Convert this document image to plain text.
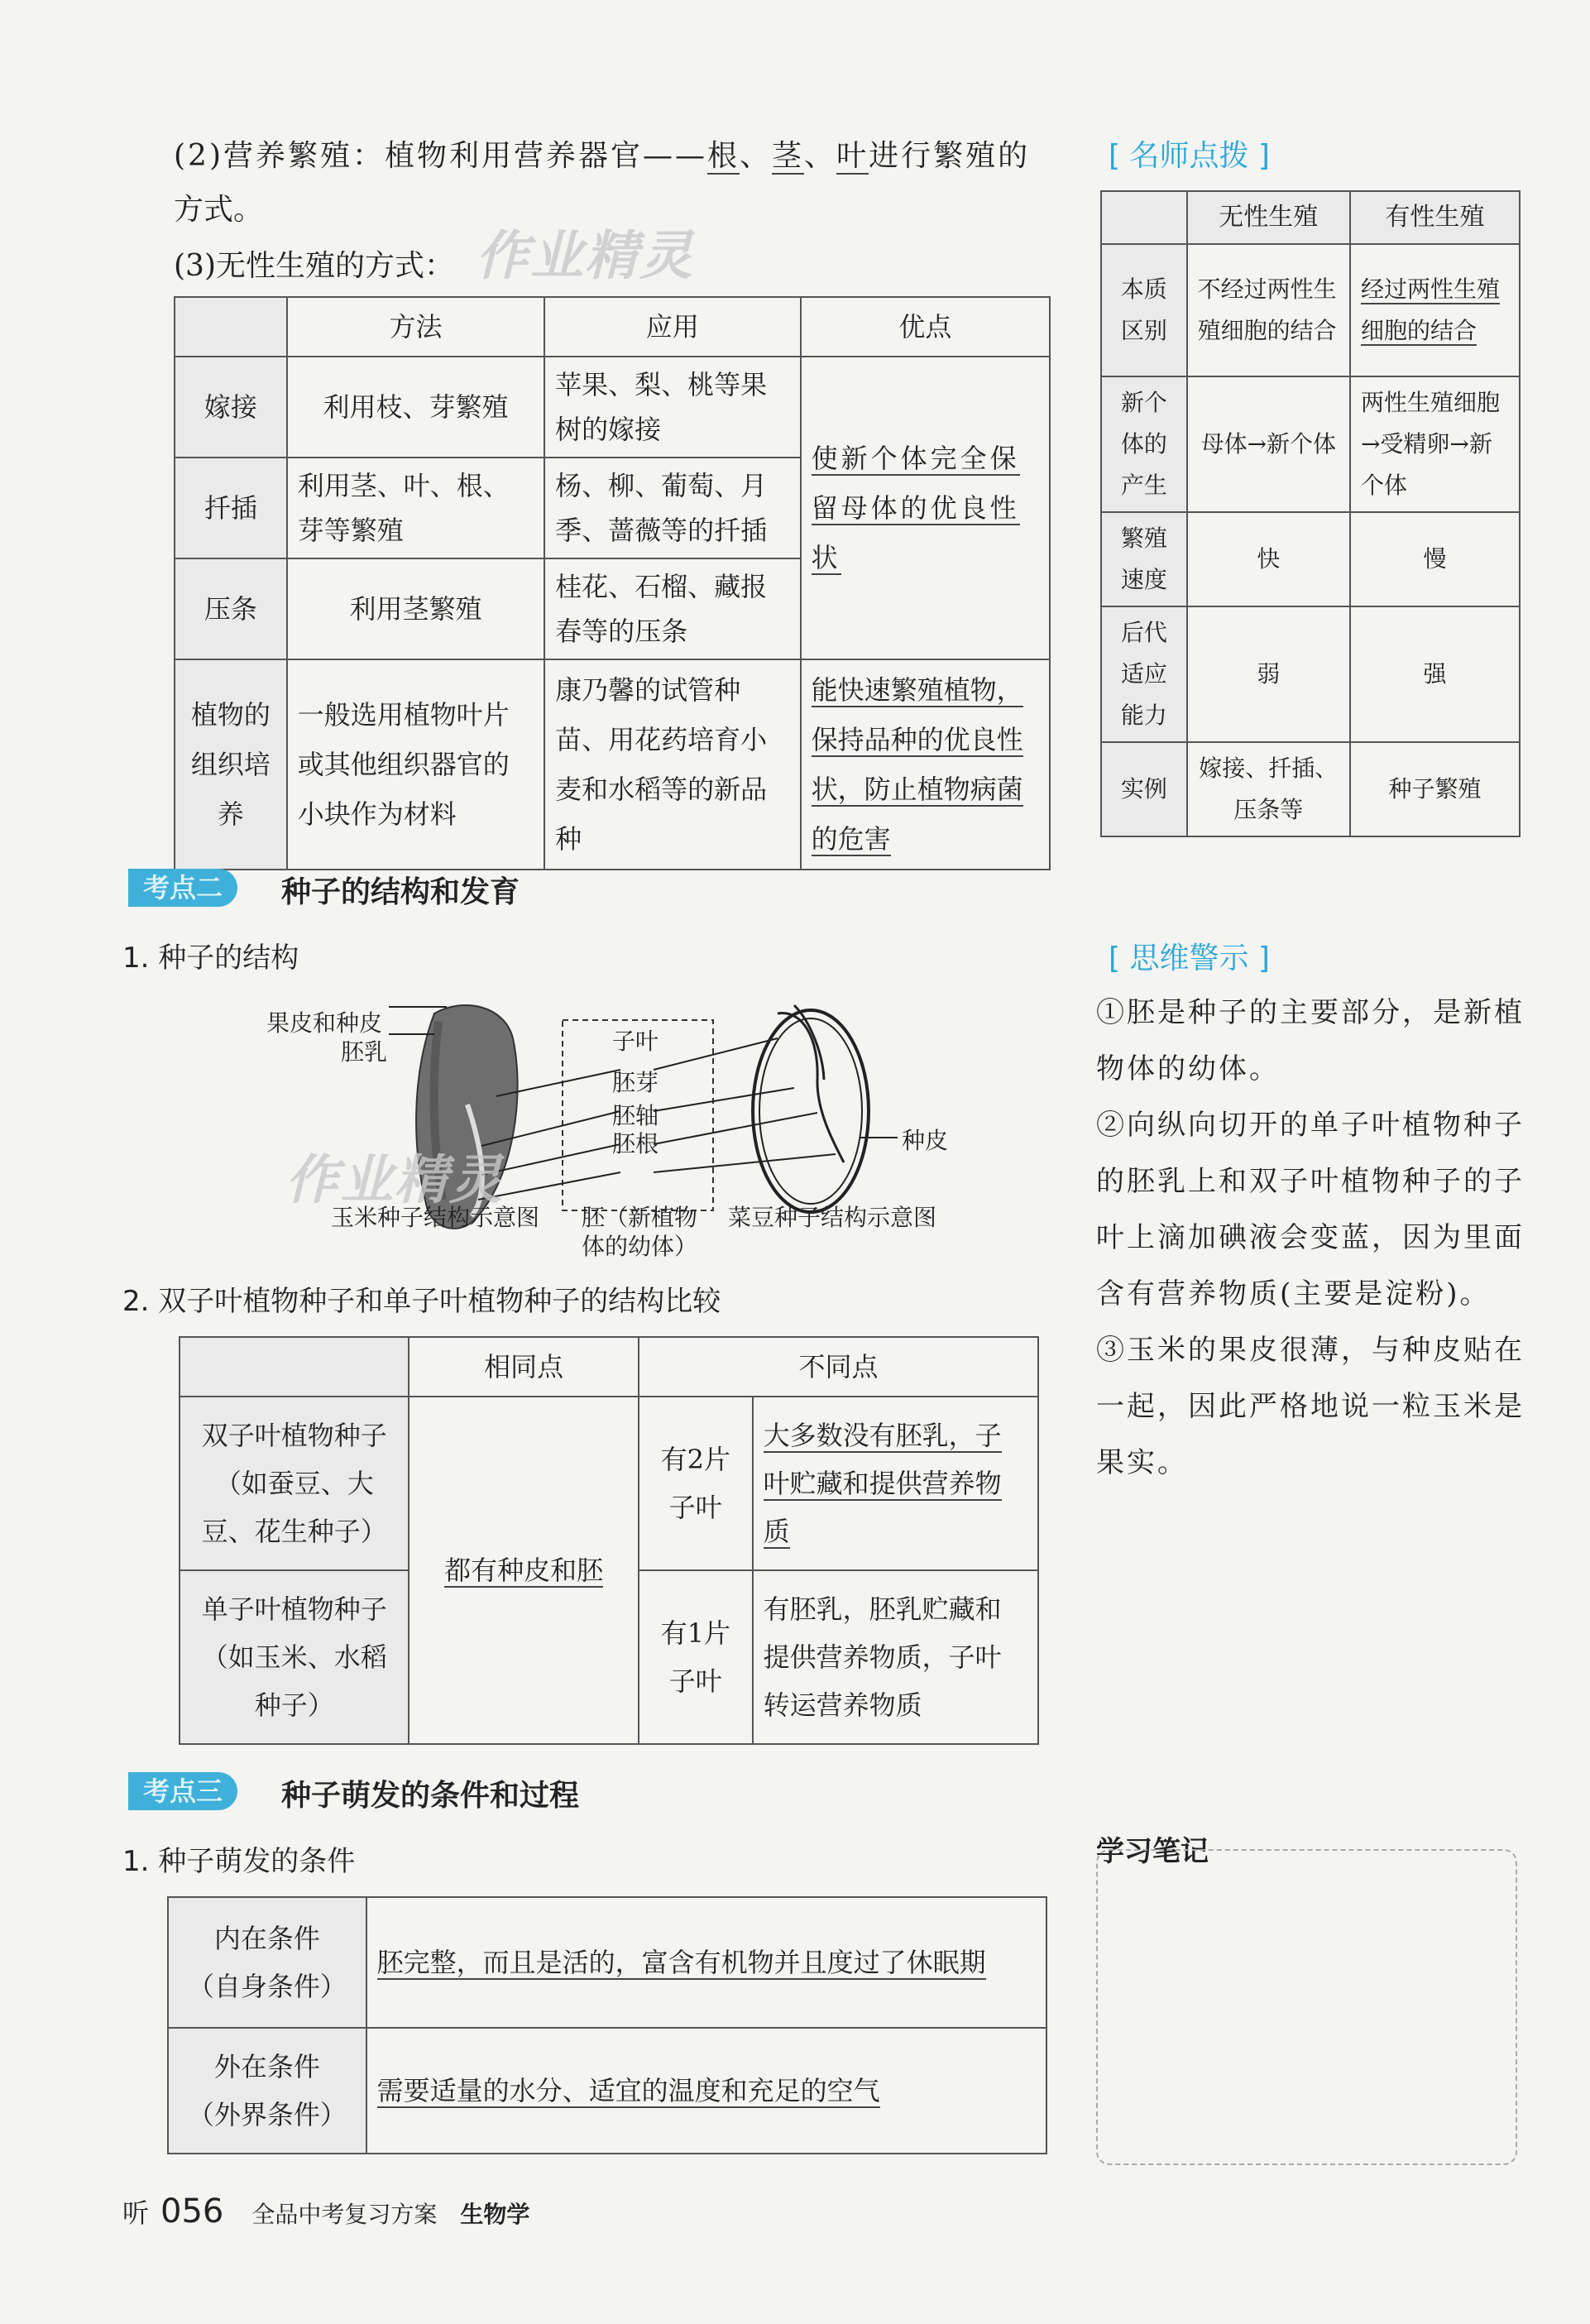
(2)营养繁殖：植物利用营养器官——根、茎、叶进行繁殖的
方式。
(3)无性生殖的方式： 作业精灵
	方法	应用	优点
嫁接	利用枝、芽繁殖	苹果、梨、桃等果树的嫁接	使新个体完全保留母体的优良性状
扦插	利用茎、叶、根、芽等繁殖	杨、柳、葡萄、月季、蔷薇等的扦插	
压条	利用茎繁殖	桂花、石榴、藏报春等的压条	
植物的组织培养	一般选用植物叶片或其他组织器官的小块作为材料	康乃馨的试管种苗、用花药培育小麦和水稻等的新品种	能快速繁殖植物，保持品种的优良性状，防止植物病菌的危害
[ 名师点拨 ]
	无性生殖	有性生殖
本质区别	不经过两性生殖细胞的结合	经过两性生殖细胞的结合
新个体的产生	母体→新个体	两性生殖细胞→受精卵→新个体
繁殖速度	快	慢
后代适应能力	弱	强
实例	嫁接、扦插、压条等	种子繁殖
考点二	种子的结构和发育
1. 种子的结构
果皮和种皮
胚乳	子叶
胚芽
胚轴
胚根	种皮
作业精灵
玉米种子结构示意图 胚（新植物
体的幼体）
菜豆种子结构示意图
2. 双子叶植物种子和单子叶植物种子的结构比较
	相同点	不同点	
双子叶植物种子（如蚕豆、大豆、花生种子）	都有种皮和胚	有2片子叶	大多数没有胚乳，子叶贮藏和提供营养物质
单子叶植物种子（如玉米、水稻种子）		有1片子叶	有胚乳，胚乳贮藏和提供营养物质，子叶转运营养物质
[ 思维警示 ]
①胚是种子的主要部分，是新植物体的幼体。
②向纵向切开的单子叶植物种子的胚乳上和双子叶植物种子的子叶上滴加碘液会变蓝，因为里面含有营养物质(主要是淀粉)。
③玉米的果皮很薄，与种皮贴在一起，因此严格地说一粒玉米是果实。
考点三	种子萌发的条件和过程
1. 种子萌发的条件
内在条件
（自身条件）	胚完整，而且是活的，富含有机物并且度过了休眠期

外在条件
（外界条件）	需要适量的水分、适宜的温度和充足的空气
学习笔记
听 056 全品中考复习方案 生物学
